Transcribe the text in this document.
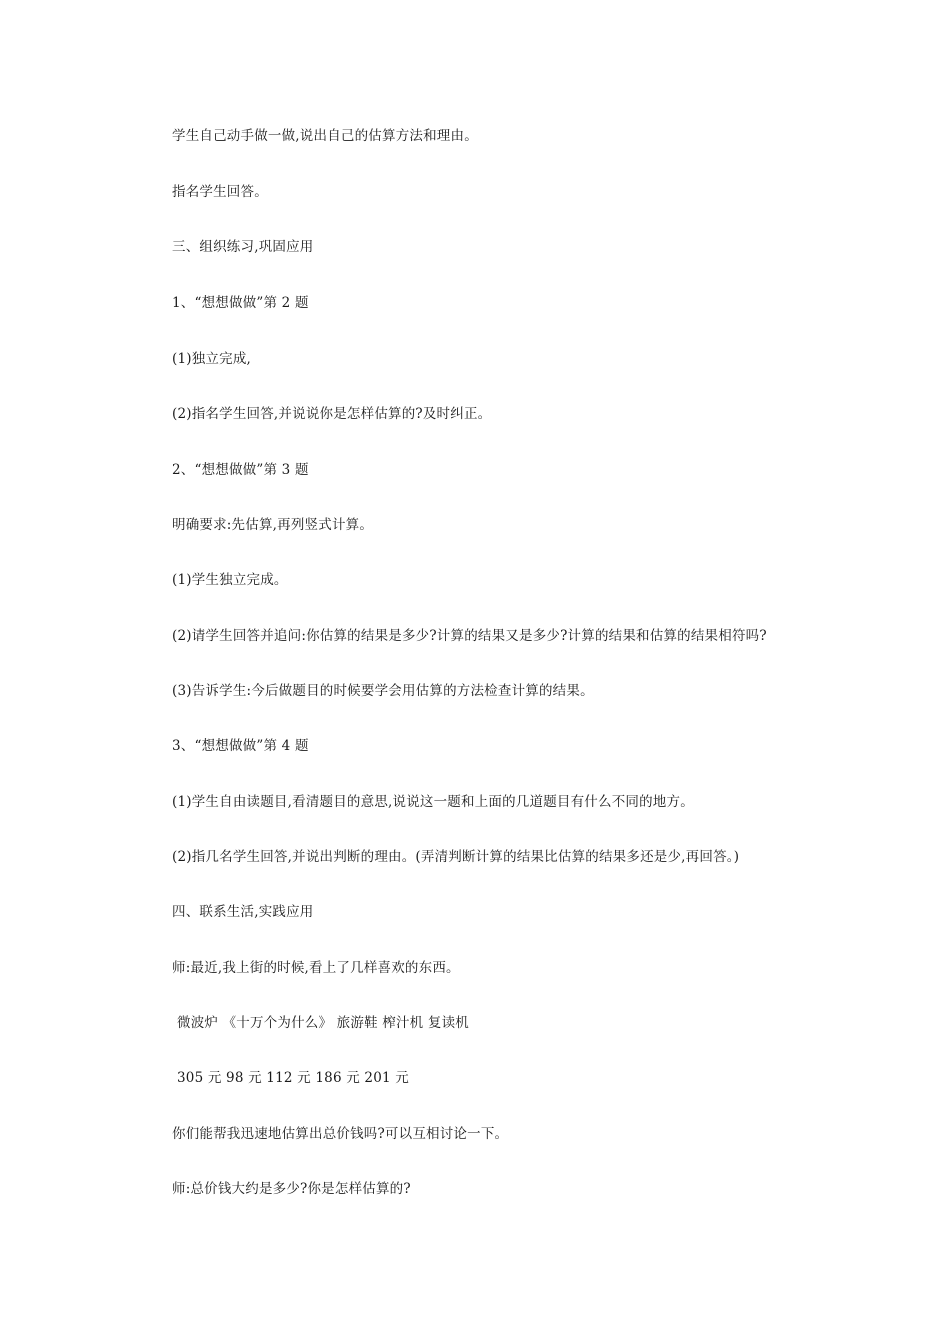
学生自己动手做一做,说出自己的估算方法和理由。
指名学生回答。
三、组织练习,巩固应用
1、“想想做做”第 2 题
(1)独立完成,
(2)指名学生回答,并说说你是怎样估算的?及时纠正。
2、“想想做做”第 3 题
明确要求:先估算,再列竖式计算。
(1)学生独立完成。
(2)请学生回答并追问:你估算的结果是多少?计算的结果又是多少?计算的结果和估算的结果相符吗?
(3)告诉学生:今后做题目的时候要学会用估算的方法检查计算的结果。
3、“想想做做”第 4 题
(1)学生自由读题目,看清题目的意思,说说这一题和上面的几道题目有什么不同的地方。
(2)指几名学生回答,并说出判断的理由。(弄清判断计算的结果比估算的结果多还是少,再回答。)
四、联系生活,实践应用
师:最近,我上街的时候,看上了几样喜欢的东西。
微波炉 《十万个为什么》 旅游鞋 榨汁机 复读机
305 元 98 元 112 元 186 元 201 元
你们能帮我迅速地估算出总价钱吗?可以互相讨论一下。
师:总价钱大约是多少?你是怎样估算的?
